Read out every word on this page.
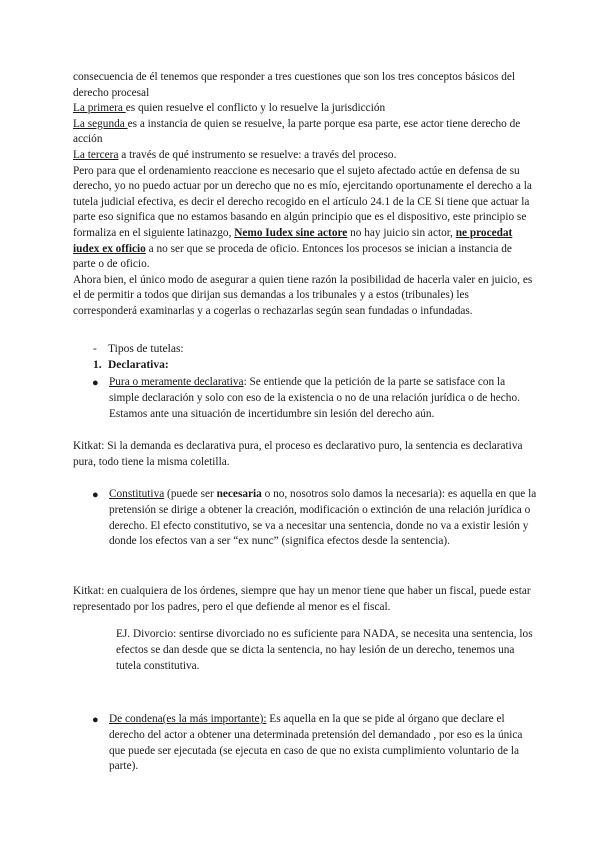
consecuencia de él tenemos que responder a tres cuestiones que son los tres conceptos básicos del derecho procesal

La primera es quien resuelve el conflicto y lo resuelve la jurisdicción

La segunda es a instancia de quien se resuelve, la parte porque esa parte, ese actor tiene derecho de acción

La tercera a través de qué instrumento se resuelve: a través del proceso.

Pero para que el ordenamiento reaccione es necesario que el sujeto afectado actúe en defensa de su derecho, yo no puedo actuar por un derecho que no es mío, ejercitando oportunamente el derecho a la tutela judicial efectiva, es decir el derecho recogido en el artículo 24.1 de la CE Si tiene que actuar la parte eso significa que no estamos basando en algún principio que es el dispositivo, este principio se formaliza en el siguiente latinazgo, Nemo Iudex sine actore no hay juicio sin actor, ne procedat iudex ex officio a no ser que se proceda de oficio. Entonces los procesos se inician a instancia de parte o de oficio.

Ahora bien, el único modo de asegurar a quien tiene razón la posibilidad de hacerla valer en juicio, es el de permitir a todos que dirijan sus demandas a los tribunales y a estos (tribunales) les corresponderá examinarlas y a cogerlas o rechazarlas según sean fundadas o infundadas.

- Tipos de tutelas:
1. Declarativa:
● Pura o meramente declarativa: Se entiende que la petición de la parte se satisface con la simple declaración y solo con eso de la existencia o no de una relación jurídica o de hecho. Estamos ante una situación de incertidumbre sin lesión del derecho aún.
Kitkat: Si la demanda es declarativa pura, el proceso es declarativo puro, la sentencia es declarativa pura, todo tiene la misma coletilla.
● Constitutiva (puede ser necesaria o no, nosotros solo damos la necesaria): es aquella en que la pretensión se dirige a obtener la creación, modificación o extinción de una relación jurídica o derecho. El efecto constitutivo, se va a necesitar una sentencia, donde no va a existir lesión y donde los efectos van a ser “ex nunc” (significa efectos desde la sentencia).
Kitkat: en cualquiera de los órdenes, siempre que hay un menor tiene que haber un fiscal, puede estar representado por los padres, pero el que defiende al menor es el fiscal.
EJ. Divorcio: sentirse divorciado no es suficiente para NADA, se necesita una sentencia, los efectos se dan desde que se dicta la sentencia, no hay lesión de un derecho, tenemos una tutela constitutiva.
● De condena(es la más importante): Es aquella en la que se pide al órgano que declare el derecho del actor a obtener una determinada pretensión del demandado , por eso es la única que puede ser ejecutada (se ejecuta en caso de que no exista cumplimiento voluntario de la parte).
